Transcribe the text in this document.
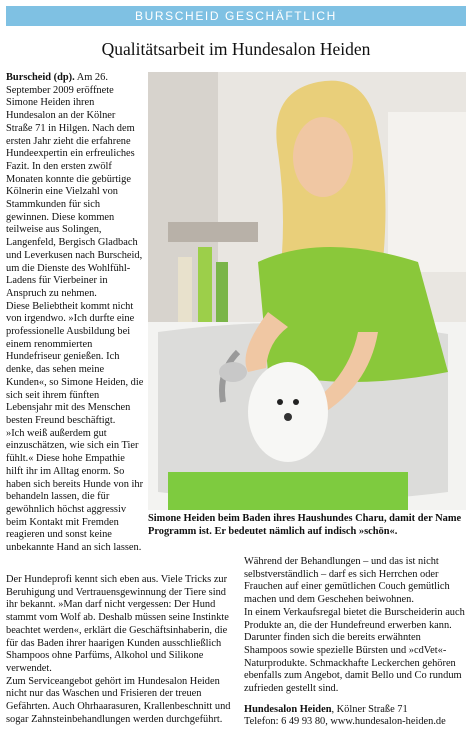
BURSCHEID GESCHÄFTLICH
Qualitätsarbeit im Hundesalon Heiden

Burscheid (dp). Am 26. September 2009 eröffnete Simone Heiden ihren Hundesalon an der Kölner Straße 71 in Hilgen. Nach dem ersten Jahr zieht die erfahrene Hundeexpertin ein erfreuliches Fazit. In den ersten zwölf Monaten konnte die gebürtige Kölnerin eine Vielzahl von Stammkunden für sich gewinnen. Diese kommen teilweise aus Solingen, Langenfeld, Bergisch Gladbach und Leverkusen nach Burscheid, um die Dienste des Wohlfühl-Ladens für Vierbeiner in Anspruch zu nehmen.

Diese Beliebtheit kommt nicht von irgendwo. »Ich durfte eine professionelle Ausbildung bei einem renommierten Hundefriseur genießen. Ich denke, das sehen meine Kunden«, so Simone Heiden, die sich seit ihrem fünften Lebensjahr mit des Menschen besten Freund beschäftigt.

»Ich weiß außerdem gut einzuschätzen, wie sich ein Tier fühlt.« Diese hohe Empathie hilft ihr im Alltag enorm. So haben sich bereits Hunde von ihr behandeln lassen, die für gewöhnlich höchst aggressiv beim Kontakt mit Fremden reagieren und sonst keine unbekannte Hand an sich lassen.

Simone Heiden beim Baden ihres Haushundes Charu, damit der Name Programm ist. Er bedeutet nämlich auf indisch »schön«.

Der Hundeprofi kennt sich eben aus. Viele Tricks zur Beruhigung und Vertrauensgewinnung der Tiere sind ihr bekannt. »Man darf nicht vergessen: Der Hund stammt vom Wolf ab. Deshalb müssen seine Instinkte beachtet werden«, erklärt die Geschäftsinhaberin, die für das Baden ihrer haarigen Kunden ausschließlich Shampoos ohne Parfüms, Alkohol und Silikone verwendet.

Zum Serviceangebot gehört im Hundesalon Heiden nicht nur das Waschen und Frisieren der treuen Gefährten. Auch Ohrhaarasuren, Krallenbeschnitt und sogar Zahnsteinbehandlungen werden durchgeführt.

Während der Behandlungen – und das ist nicht selbstverständlich – darf es sich Herrchen oder Frauchen auf einer gemütlichen Couch gemütlich machen und dem Geschehen beiwohnen.

In einem Verkaufsregal bietet die Burscheiderin auch Produkte an, die der Hundefreund erwerben kann. Darunter finden sich die bereits erwähnten Shampoos sowie spezielle Bürsten und »cdVet«-Naturprodukte. Schmackhafte Leckerchen gehören ebenfalls zum Angebot, damit Bello und Co rundum zufrieden gestellt sind.

Hundesalon Heiden, Kölner Straße 71

Telefon: 6 49 93 80, www.hundesalon-heiden.de
